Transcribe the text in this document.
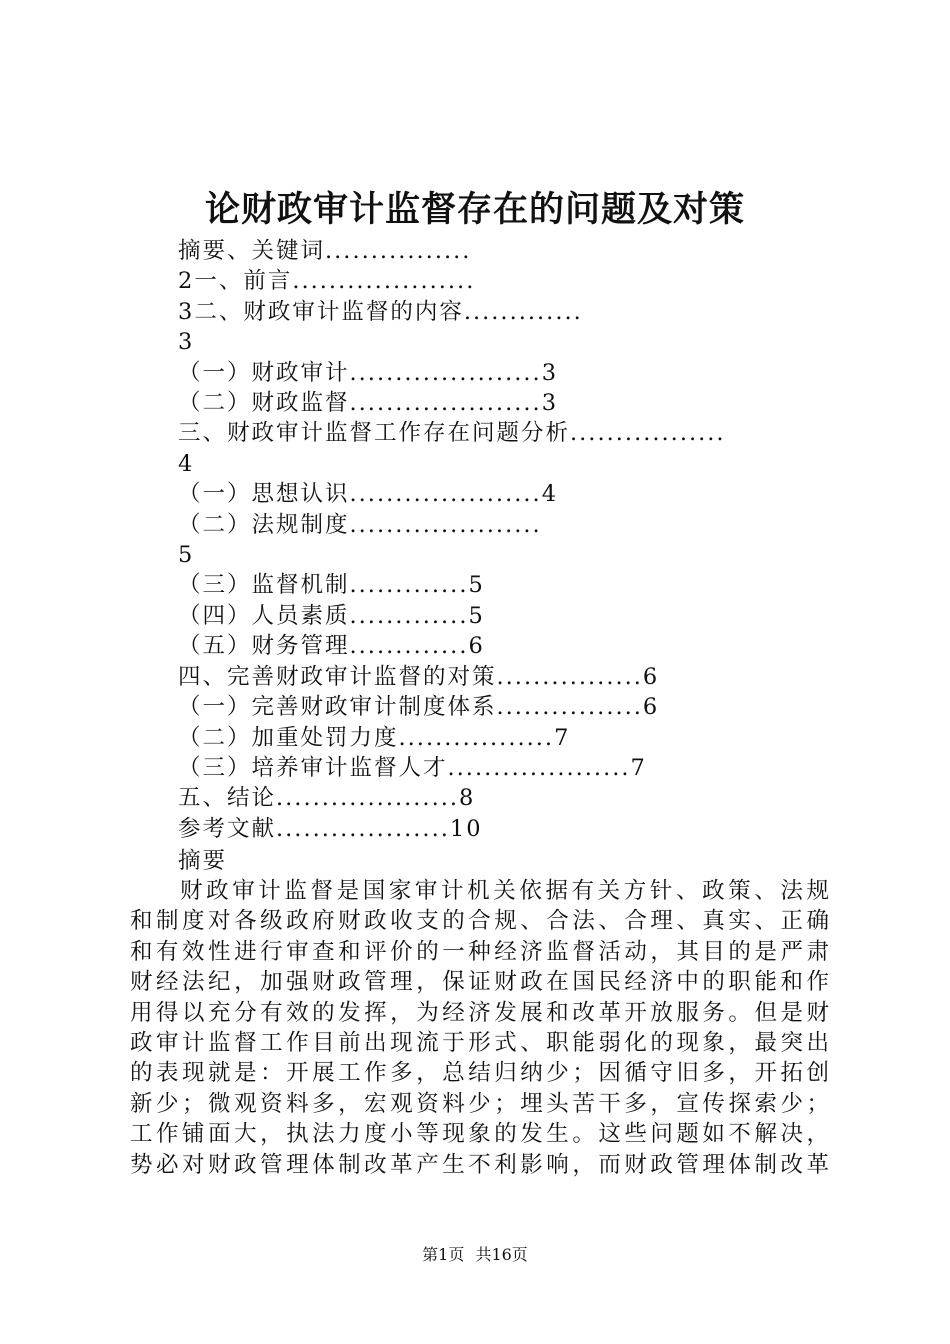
论财政审计监督存在的问题及对策
摘要、关键词................
2一、前言....................
3二、财政审计监督的内容.............
3
（一）财政审计.....................3
（二）财政监督.....................3
三、财政审计监督工作存在问题分析.................
4
（一）思想认识.....................4
（二）法规制度.....................
5
（三）监督机制.............5
（四）人员素质.............5
（五）财务管理.............6
四、完善财政审计监督的对策................6
（一）完善财政审计制度体系................6
（二）加重处罚力度.................7
（三）培养审计监督人才....................7
五、结论....................8
参考文献...................10
摘要
财政审计监督是国家审计机关依据有关方针、政策、法规
和制度对各级政府财政收支的合规、合法、合理、真实、正确
和有效性进行审查和评价的一种经济监督活动，其目的是严肃
财经法纪，加强财政管理，保证财政在国民经济中的职能和作
用得以充分有效的发挥，为经济发展和改革开放服务。但是财
政审计监督工作目前出现流于形式、职能弱化的现象，最突出
的表现就是：开展工作多，总结归纳少；因循守旧多，开拓创
新少；微观资料多，宏观资料少；埋头苦干多，宣传探索少；
工作铺面大，执法力度小等现象的发生。这些问题如不解决，
势必对财政管理体制改革产生不利影响，而财政管理体制改革
第1页 共16页
